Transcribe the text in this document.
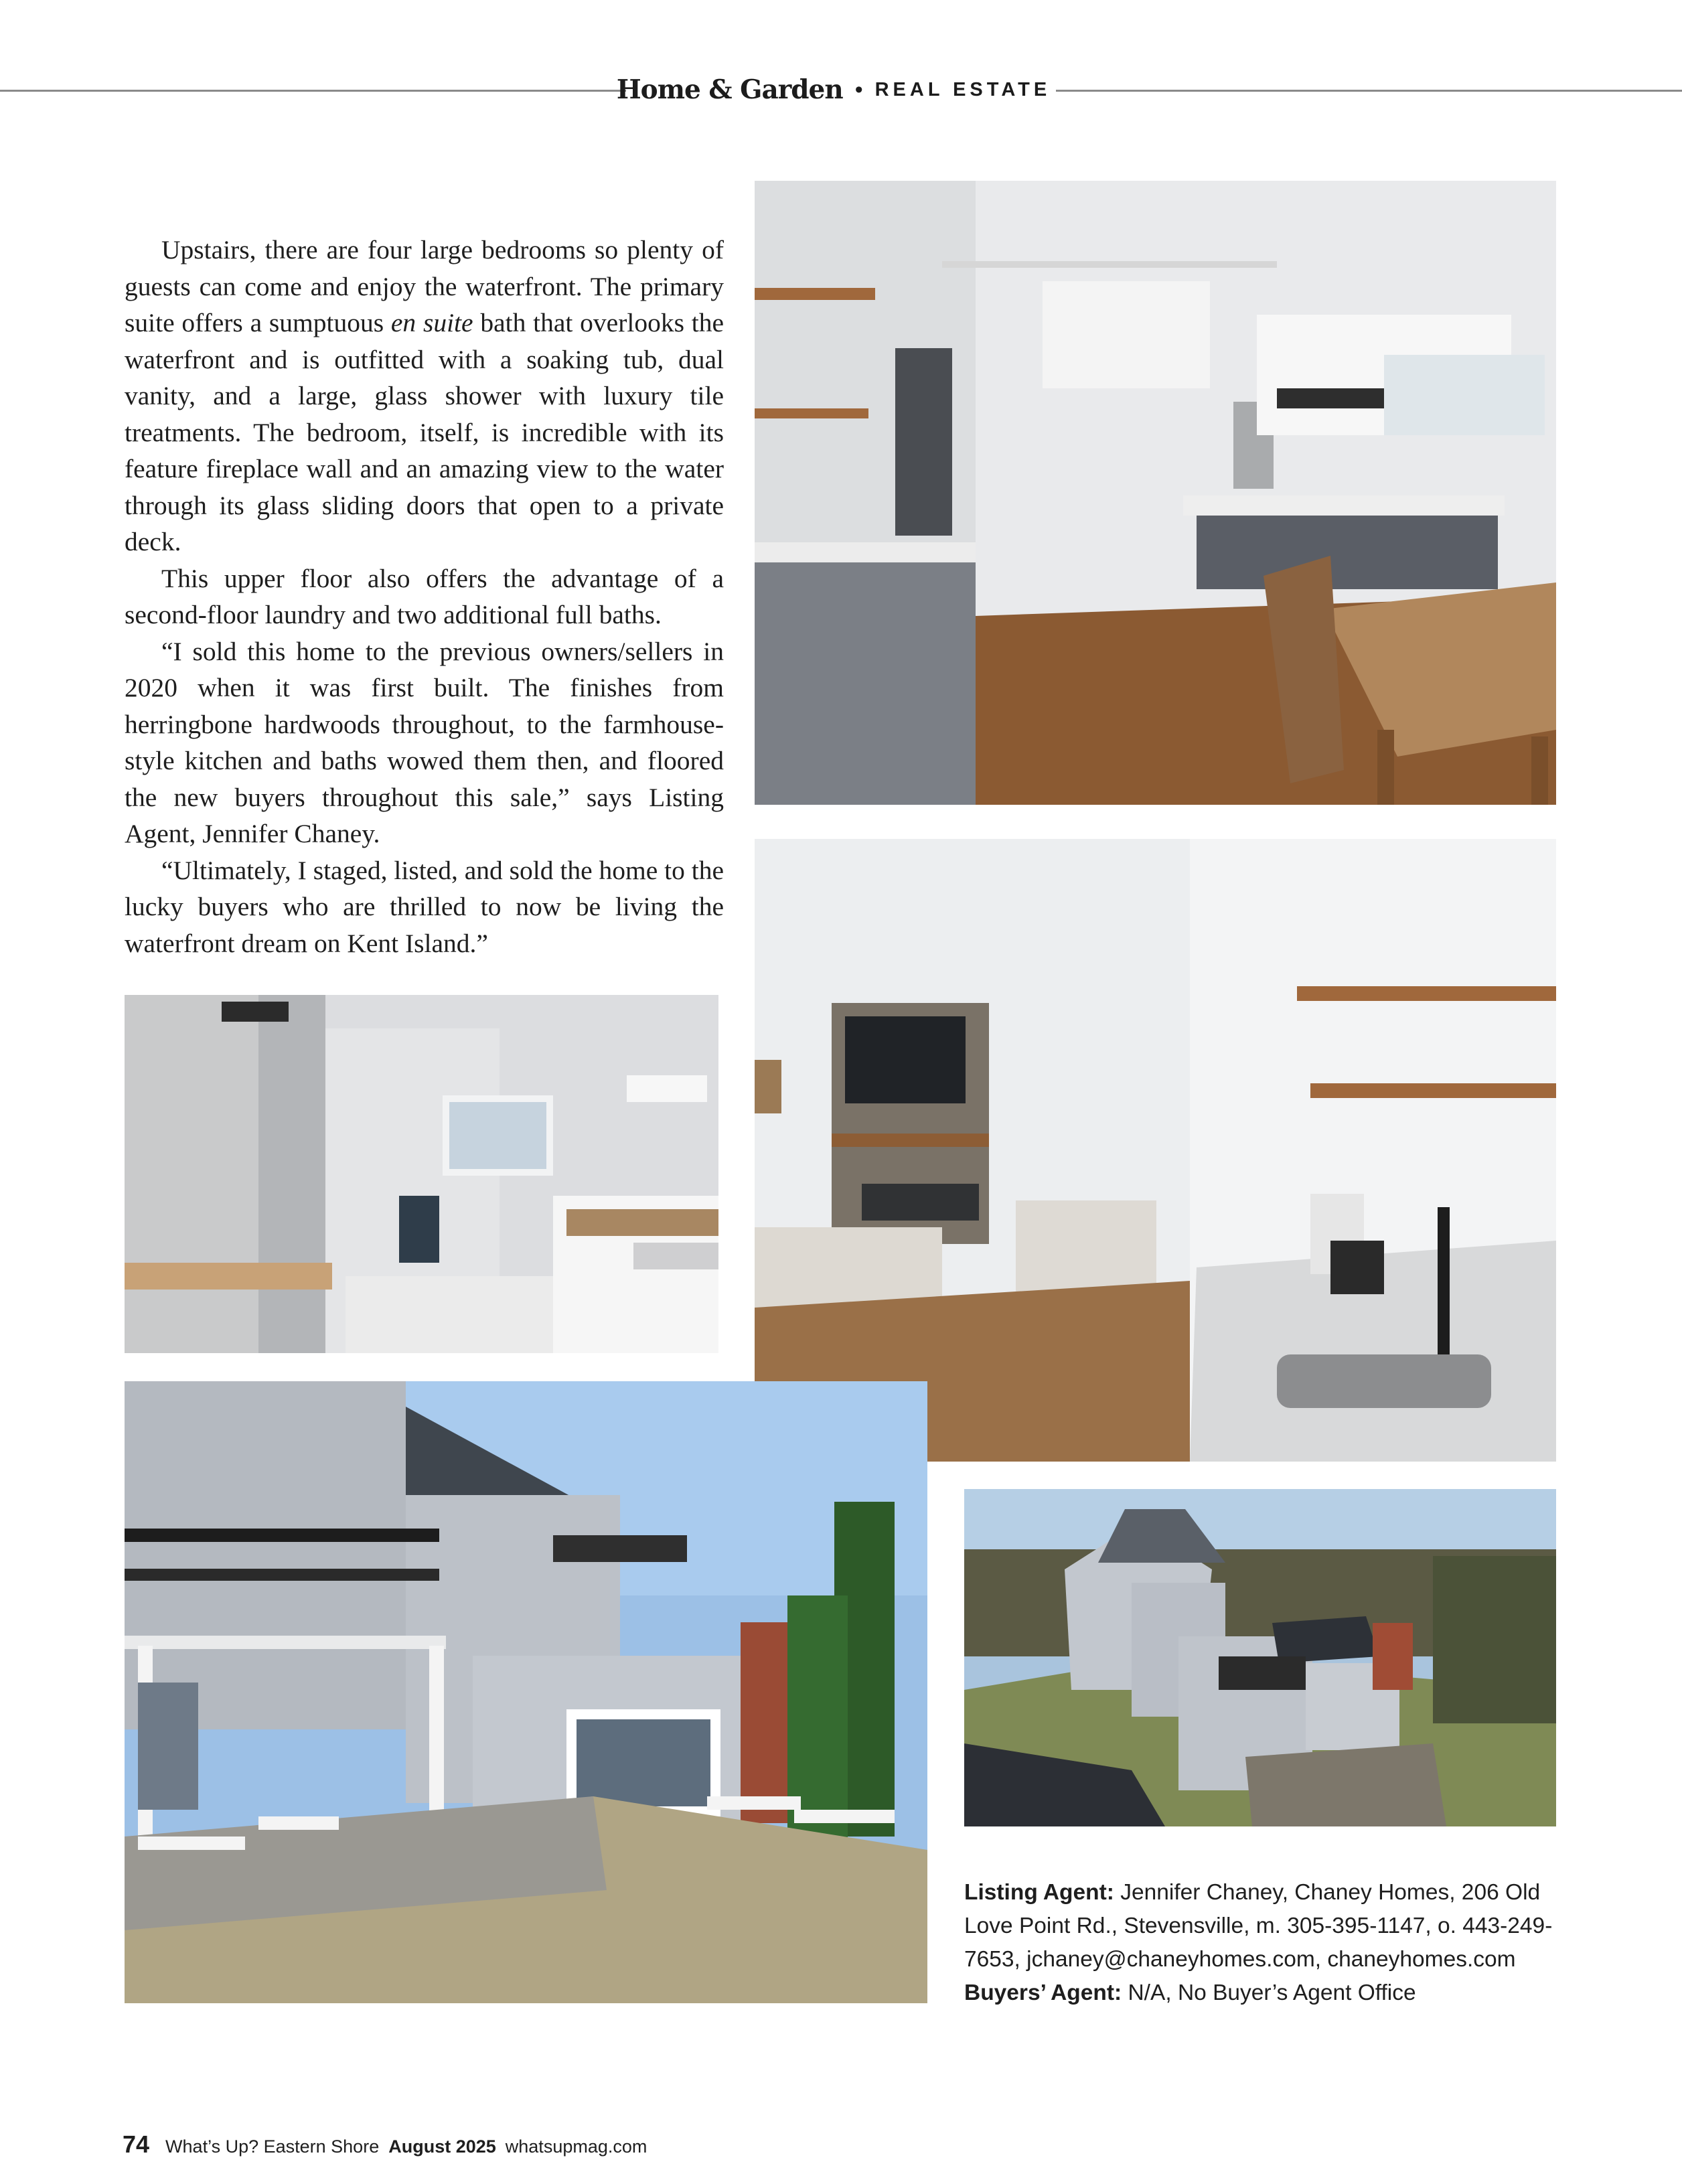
Home & Garden • REAL ESTATE

Upstairs, there are four large bedrooms so plenty of guests can come and enjoy the waterfront. The primary suite offers a sumptuous en suite bath that overlooks the waterfront and is outfitted with a soaking tub, dual vanity, and a large, glass shower with luxury tile treatments. The bedroom, itself, is incredible with its feature fireplace wall and an amazing view to the water through its glass sliding doors that open to a private deck.

This upper floor also offers the advantage of a second-floor laundry and two additional full baths.

“I sold this home to the previous owners/sellers in 2020 when it was first built. The finishes from herringbone hardwoods throughout, to the farmhouse-style kitchen and baths wowed them then, and floored the new buyers throughout this sale,” says Listing Agent, Jennifer Chaney.

“Ultimately, I staged, listed, and sold the home to the lucky buyers who are thrilled to now be living the waterfront dream on Kent Island.”

Listing Agent: Jennifer Chaney, Chaney Homes, 206 Old Love Point Rd., Stevensville, m. 305-395-1147, o. 443-249-7653, jchaney@chaneyhomes.com, chaneyhomes.com Buyers’ Agent: N/A, No Buyer’s Agent Office
74 What’s Up? Eastern Shore August 2025 whatsupmag.com
